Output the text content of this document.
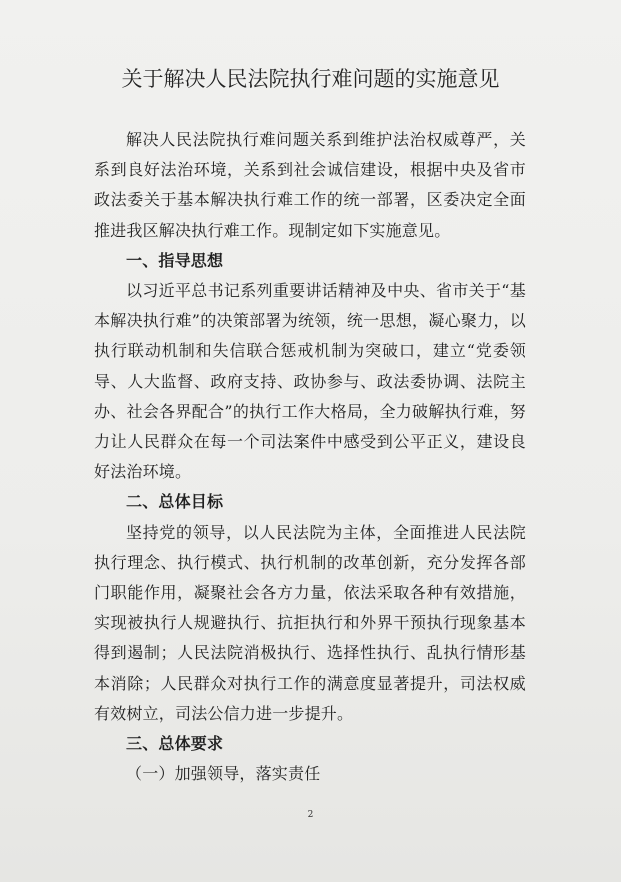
关于解决人民法院执行难问题的实施意见

解决人民法院执行难问题关系到维护法治权威尊严，关系到良好法治环境，关系到社会诚信建设，根据中央及省市政法委关于基本解决执行难工作的统一部署，区委决定全面推进我区解决执行难工作。现制定如下实施意见。

一、指导思想

以习近平总书记系列重要讲话精神及中央、省市关于“基本解决执行难”的决策部署为统领，统一思想，凝心聚力，以执行联动机制和失信联合惩戒机制为突破口，建立“党委领导、人大监督、政府支持、政协参与、政法委协调、法院主办、社会各界配合”的执行工作大格局，全力破解执行难，努力让人民群众在每一个司法案件中感受到公平正义，建设良好法治环境。

二、总体目标

坚持党的领导，以人民法院为主体，全面推进人民法院执行理念、执行模式、执行机制的改革创新，充分发挥各部门职能作用，凝聚社会各方力量，依法采取各种有效措施，实现被执行人规避执行、抗拒执行和外界干预执行现象基本得到遏制；人民法院消极执行、选择性执行、乱执行情形基本消除；人民群众对执行工作的满意度显著提升，司法权威有效树立，司法公信力进一步提升。

三、总体要求

（一）加强领导，落实责任

2
